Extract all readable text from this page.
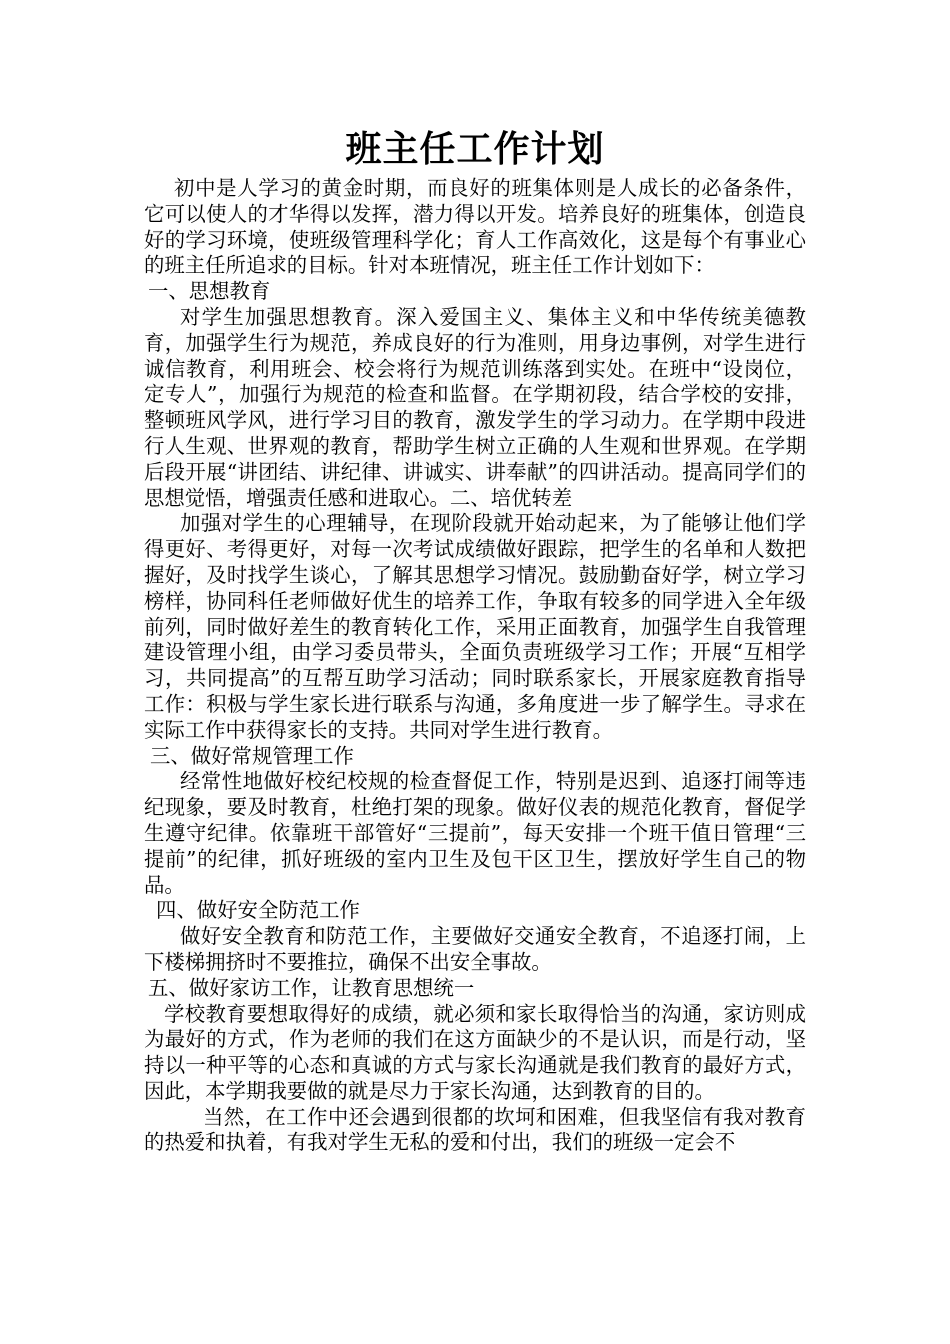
班主任工作计划

初中是人学习的黄金时期，而良好的班集体则是人成长的必备条件，它可以使人的才华得以发挥，潜力得以开发。培养良好的班集体，创造良好的学习环境，使班级管理科学化；育人工作高效化，这是每个有事业心的班主任所追求的目标。针对本班情况，班主任工作计划如下：

一、思想教育

对学生加强思想教育。深入爱国主义、集体主义和中华传统美德教育，加强学生行为规范，养成良好的行为准则，用身边事例，对学生进行诚信教育，利用班会、校会将行为规范训练落到实处。在班中“设岗位，定专人”，加强行为规范的检查和监督。在学期初段，结合学校的安排，整顿班风学风，进行学习目的教育，激发学生的学习动力。在学期中段进行人生观、世界观的教育，帮助学生树立正确的人生观和世界观。在学期后段开展“讲团结、讲纪律、讲诚实、讲奉献”的四讲活动。提高同学们的思想觉悟，增强责任感和进取心。二、培优转差

加强对学生的心理辅导，在现阶段就开始动起来，为了能够让他们学得更好、考得更好，对每一次考试成绩做好跟踪，把学生的名单和人数把握好，及时找学生谈心，了解其思想学习情况。鼓励勤奋好学，树立学习榜样，协同科任老师做好优生的培养工作，争取有较多的同学进入全年级前列，同时做好差生的教育转化工作，采用正面教育，加强学生自我管理建设管理小组，由学习委员带头，全面负责班级学习工作；开展“互相学习，共同提高”的互帮互助学习活动；同时联系家长，开展家庭教育指导工作：积极与学生家长进行联系与沟通，多角度进一步了解学生。寻求在实际工作中获得家长的支持。共同对学生进行教育。

三、做好常规管理工作

经常性地做好校纪校规的检查督促工作，特别是迟到、追逐打闹等违纪现象，要及时教育，杜绝打架的现象。做好仪表的规范化教育，督促学生遵守纪律。依靠班干部管好“三提前”，每天安排一个班干值日管理“三提前”的纪律，抓好班级的室内卫生及包干区卫生，摆放好学生自己的物品。

四、做好安全防范工作

做好安全教育和防范工作，主要做好交通安全教育，不追逐打闹，上下楼梯拥挤时不要推拉，确保不出安全事故。

五、做好家访工作，让教育思想统一

学校教育要想取得好的成绩，就必须和家长取得恰当的沟通，家访则成为最好的方式，作为老师的我们在这方面缺少的不是认识，而是行动，坚持以一种平等的心态和真诚的方式与家长沟通就是我们教育的最好方式，因此，本学期我要做的就是尽力于家长沟通，达到教育的目的。

当然，在工作中还会遇到很都的坎坷和困难，但我坚信有我对教育的热爱和执着，有我对学生无私的爱和付出，我们的班级一定会不
